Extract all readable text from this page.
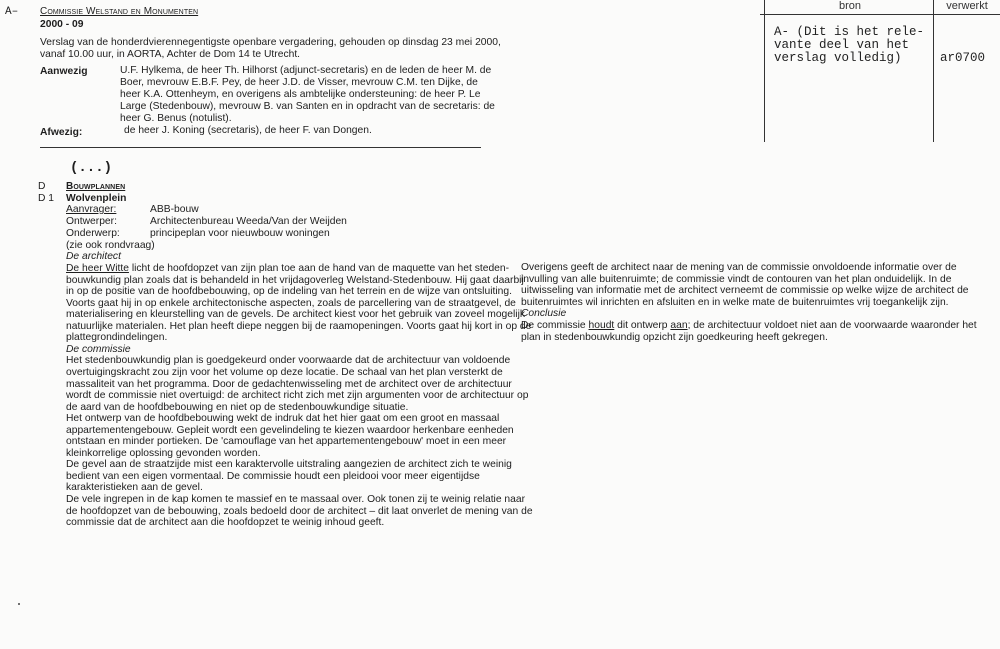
A– Commissie Welstand en Monumenten
2000 - 09
Verslag van de honderdvierennegentigste openbare vergadering, gehouden op dinsdag 23 mei 2000,
vanaf 10.00 uur, in AORTA, Achter de Dom 14 te Utrecht.
Aanwezig	U.F. Hylkema, de heer Th. Hilhorst (adjunct-secretaris) en de leden de heer M. de
Boer, mevrouw E.B.F. Pey, de heer J.D. de Visser, mevrouw C.M. ten Dijke, de
heer K.A. Ottenheym, en overigens als ambtelijke ondersteuning: de heer P. Le
Large (Stedenbouw), mevrouw B. van Santen en in opdracht van de secretaris: de
heer G. Benus (notulist).
Afwezig:	de heer J. Koning (secretaris), de heer F. van Dongen.
bron	verwerkt
A- (Dit is het rele-
vante deel van het
verslag volledig)	ar0700
(...)
D Bouwplannen
D 1 Wolvenplein
Aanvrager:	ABB-bouw
Ontwerper:	Architectenbureau Weeda/Van der Weijden
Onderwerp:	principeplan voor nieuwbouw woningen
(zie ook rondvraag)
De architect
De heer Witte licht de hoofdopzet van zijn plan toe aan de hand van de maquette van het steden-
bouwkundig plan zoals dat is behandeld in het vrijdagoverleg Welstand-Stedenbouw. Hij gaat daarbij
in op de positie van de hoofdbebouwing, op de indeling van het terrein en de wijze van ontsluiting.
Voorts gaat hij in op enkele architectonische aspecten, zoals de parcellering van de straatgevel, de
materialisering en kleurstelling van de gevels. De architect kiest voor het gebruik van zoveel mogelijk
natuurlijke materialen. Het plan heeft diepe neggen bij de raamopeningen. Voorts gaat hij kort in op de
plattegrondindelingen.
De commissie
Het stedenbouwkundig plan is goedgekeurd onder voorwaarde dat de architectuur van voldoende
overtuigingskracht zou zijn voor het volume op deze locatie. De schaal van het plan versterkt de
massaliteit van het programma. Door de gedachtenwisseling met de architect over de architectuur
wordt de commissie niet overtuigd: de architect richt zich met zijn argumenten voor de architectuur op
de aard van de hoofdbebouwing en niet op de stedenbouwkundige situatie.
Het ontwerp van de hoofdbebouwing wekt de indruk dat het hier gaat om een groot en massaal
appartementengebouw. Gepleit wordt een gevelindeling te kiezen waardoor herkenbare eenheden
ontstaan en minder portieken. De 'camouflage van het appartementengebouw' moet in een meer
kleinkorrelige oplossing gevonden worden.
De gevel aan de straatzijde mist een karaktervolle uitstraling aangezien de architect zich te weinig
bedient van een eigen vormentaal. De commissie houdt een pleidooi voor meer eigentijdse
karakteristieken aan de gevel.
De vele ingrepen in de kap komen te massief en te massaal over. Ook tonen zij te weinig relatie naar
de hoofdopzet van de bebouwing, zoals bedoeld door de architect – dit laat onverlet de mening van de
commissie dat de architect aan die hoofdopzet te weinig inhoud geeft.
Overigens geeft de architect naar de mening van de commissie onvoldoende informatie over de
invulling van alle buitenruimte; de commissie vindt de contouren van het plan onduidelijk. In de
uitwisseling van informatie met de architect verneemt de commissie op welke wijze de architect de
buitenruimtes wil inrichten en afsluiten en in welke mate de buitenruimtes vrij toegankelijk zijn.
Conclusie
De commissie houdt dit ontwerp aan; de architectuur voldoet niet aan de voorwaarde waaronder het
plan in stedenbouwkundig opzicht zijn goedkeuring heeft gekregen.
